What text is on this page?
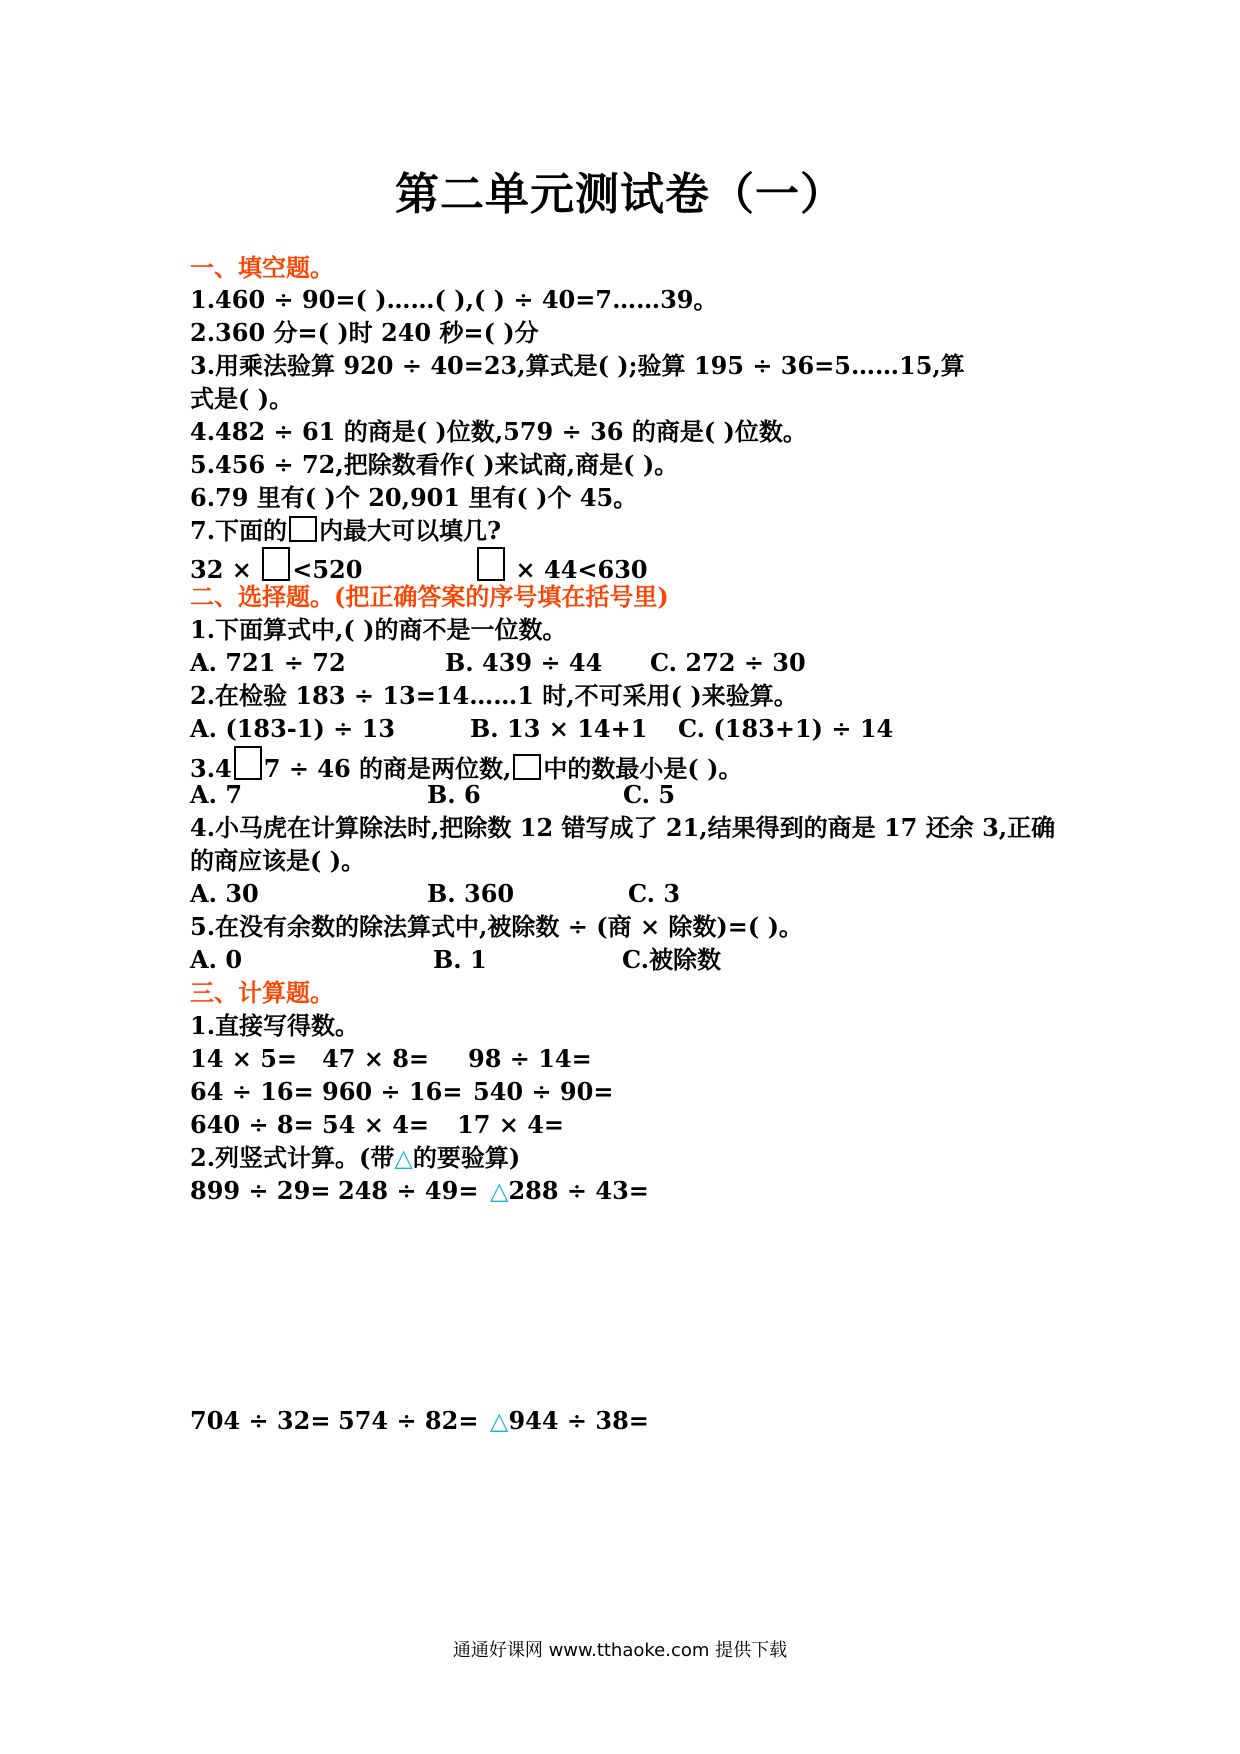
第二单元测试卷（一）
一、填空题。
1.460 ÷ 90=( )……( ),( ) ÷ 40=7……39。
2.360 分=( )时 240 秒=( )分
3.用乘法验算 920 ÷ 40=23,算式是( );验算 195 ÷ 36=5……15,算
式是( )。
4.482 ÷ 61 的商是( )位数,579 ÷ 36 的商是( )位数。
5.456 ÷ 72,把除数看作( )来试商,商是( )。
6.79 里有( )个 20,901 里有( )个 45。
7.下面的 内最大可以填几?
32 × <520	× 44<630
二、选择题。(把正确答案的序号填在括号里)
1.下面算式中,( )的商不是一位数。
A. 721 ÷ 72	B. 439 ÷ 44 C. 272 ÷ 30
2.在检验 183 ÷ 13=14……1 时,不可采用( )来验算。
A. (183-1) ÷ 13	B. 13 × 14+1 C. (183+1) ÷ 14
3.4 7 ÷ 46 的商是两位数, 中的数最小是( )。
A. 7	B. 6	C. 5
4.小马虎在计算除法时,把除数 12 错写成了 21,结果得到的商是 17 还余 3,正确
的商应该是( )。
A. 30	B. 360	C. 3
5.在没有余数的除法算式中,被除数 ÷ (商 × 除数)=( )。
A. 0	B. 1	C.被除数
三、计算题。
1.直接写得数。
14 × 5= 47 × 8= 98 ÷ 14=
64 ÷ 16= 960 ÷ 16= 540 ÷ 90=
640 ÷ 8= 54 × 4= 17 × 4=
2.列竖式计算。(带△的要验算)
899 ÷ 29= 248 ÷ 49= △288 ÷ 43=
704 ÷ 32= 574 ÷ 82= △944 ÷ 38=
通通好课网 www.tthaoke.com 提供下载
